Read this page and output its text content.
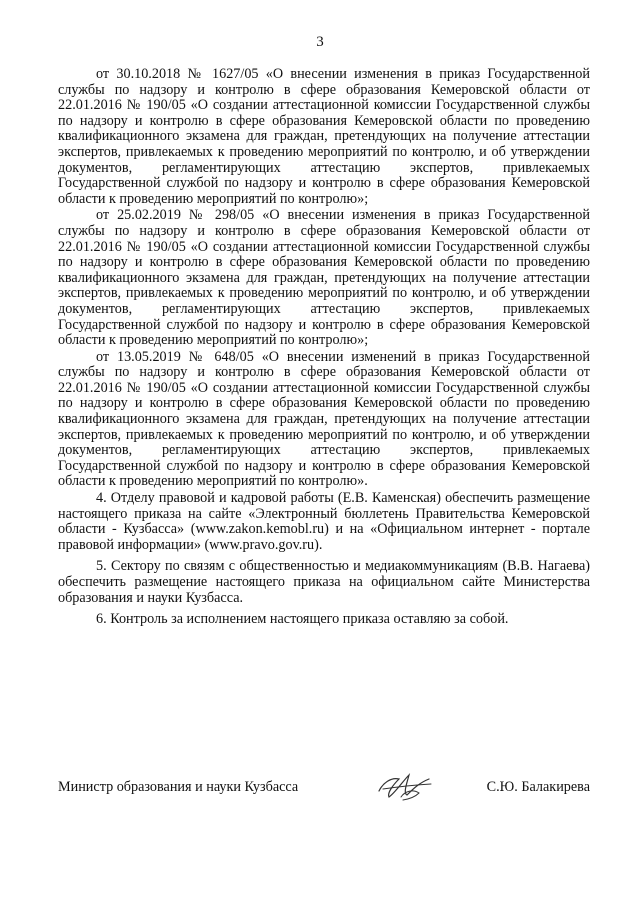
3

от 30.10.2018 № 1627/05 «О внесении изменения в приказ Государственной службы по надзору и контролю в сфере образования Кемеровской области от 22.01.2016 № 190/05 «О создании аттестационной комиссии Государственной службы по надзору и контролю в сфере образования Кемеровской области по проведению квалификационного экзамена для граждан, претендующих на получение аттестации экспертов, привлекаемых к проведению мероприятий по контролю, и об утверждении документов, регламентирующих аттестацию экспертов, привлекаемых Государственной службой по надзору и контролю в сфере образования Кемеровской области к проведению мероприятий по контролю»;

от 25.02.2019 № 298/05 «О внесении изменения в приказ Государственной службы по надзору и контролю в сфере образования Кемеровской области от 22.01.2016 № 190/05 «О создании аттестационной комиссии Государственной службы по надзору и контролю в сфере образования Кемеровской области по проведению квалификационного экзамена для граждан, претендующих на получение аттестации экспертов, привлекаемых к проведению мероприятий по контролю, и об утверждении документов, регламентирующих аттестацию экспертов, привлекаемых Государственной службой по надзору и контролю в сфере образования Кемеровской области к проведению мероприятий по контролю»;

от 13.05.2019 № 648/05 «О внесении изменений в приказ Государственной службы по надзору и контролю в сфере образования Кемеровской области от 22.01.2016 № 190/05 «О создании аттестационной комиссии Государственной службы по надзору и контролю в сфере образования Кемеровской области по проведению квалификационного экзамена для граждан, претендующих на получение аттестации экспертов, привлекаемых к проведению мероприятий по контролю, и об утверждении документов, регламентирующих аттестацию экспертов, привлекаемых Государственной службой по надзору и контролю в сфере образования Кемеровской области к проведению мероприятий по контролю».

4. Отделу правовой и кадровой работы (Е.В. Каменская) обеспечить размещение настоящего приказа на сайте «Электронный бюллетень Правительства Кемеровской области - Кузбасса» (www.zakon.kemobl.ru) и на «Официальном интернет - портале правовой информации» (www.pravo.gov.ru).

5. Сектору по связям с общественностью и медиакоммуникациям (В.В. Нагаева) обеспечить размещение настоящего приказа на официальном сайте Министерства образования и науки Кузбасса.

6. Контроль за исполнением настоящего приказа оставляю за собой.

Министр образования и науки Кузбасса	С.Ю. Балакирева
